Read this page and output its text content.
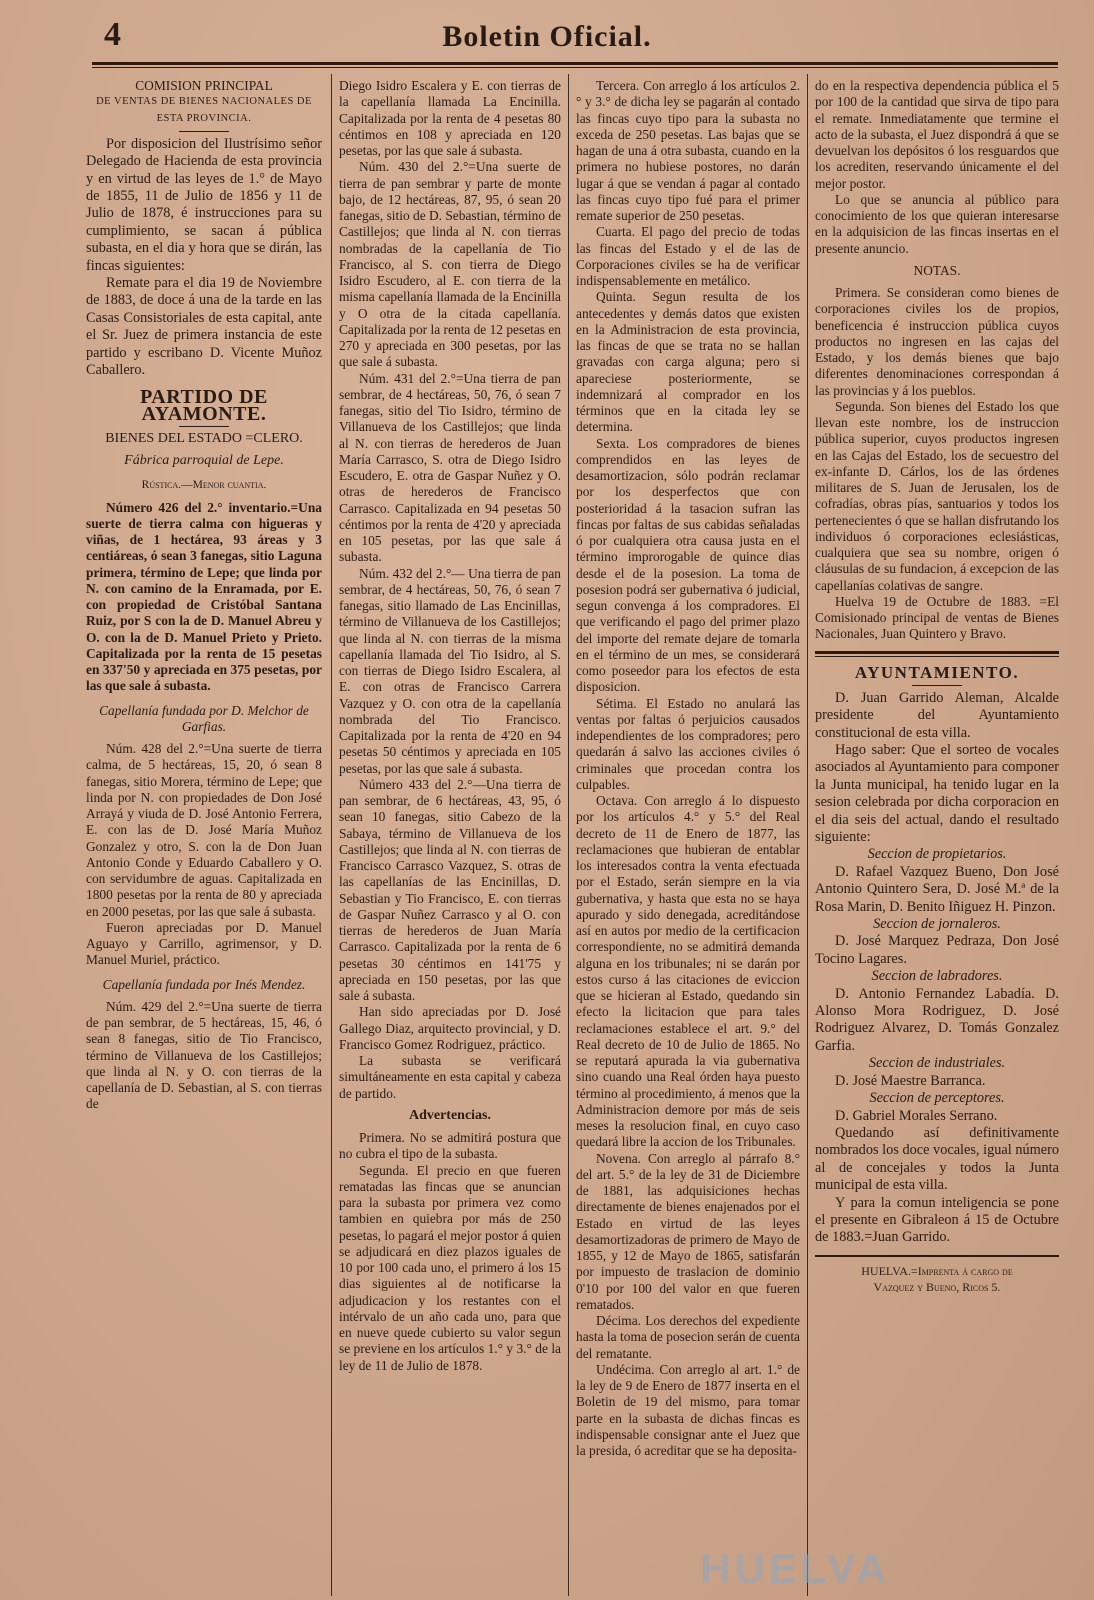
4	Boletin Oficial.

COMISION PRINCIPAL

DE VENTAS DE BIENES NACIONALES DE

ESTA PROVINCIA.

Por disposicion del Ilustrísimo señor Delegado de Hacienda de esta provincia y en virtud de las leyes de 1.° de Mayo de 1855, 11 de Julio de 1856 y 11 de Julio de 1878, é instrucciones para su cumplimiento, se sacan á pública subasta, en el dia y hora que se dirán, las fincas siguientes:

Remate para el dia 19 de Noviembre de 1883, de doce á una de la tarde en las Casas Consistoriales de esta capital, ante el Sr. Juez de primera instancia de este partido y escribano D. Vicente Muñoz Caballero.

PARTIDO DE AYAMONTE.

BIENES DEL ESTADO =CLERO.

Fábrica parroquial de Lepe.

Rústica.—Menor cuantia.

Número 426 del 2.° inventario.=Una suerte de tierra calma con higueras y viñas, de 1 hectárea, 93 áreas y 3 centiáreas, ó sean 3 fanegas, sitio Laguna primera, término de Lepe; que linda por N. con camino de la Enramada, por E. con propiedad de Cristóbal Santana Ruiz, por S con la de D. Manuel Abreu y O. con la de D. Manuel Prieto y Prieto. Capitalizada por la renta de 15 pesetas en 337'50 y apreciada en 375 pesetas, por las que sale á subasta.

Capellanía fundada por D. Melchor de Garfias.

Núm. 428 del 2.°=Una suerte de tierra calma, de 5 hectáreas, 15, 20, ó sean 8 fanegas, sitio Morera, término de Lepe; que linda por N. con propiedades de Don José Arrayá y viuda de D. José Antonio Ferrera, E. con las de D. José María Muñoz Gonzalez y otro, S. con la de Don Juan Antonio Conde y Eduardo Caballero y O. con servidumbre de aguas. Capitalizada en 1800 pesetas por la renta de 80 y apreciada en 2000 pesetas, por las que sale á subasta.

Fueron apreciadas por D. Manuel Aguayo y Carrillo, agrimensor, y D. Manuel Muriel, práctico.

Capellanía fundada por Inés Mendez.

Núm. 429 del 2.°=Una suerte de tierra de pan sembrar, de 5 hectáreas, 15, 46, ó sean 8 fanegas, sitio de Tio Francisco, término de Villanueva de los Castillejos; que linda al N. y O. con tierras de la capellanía de D. Sebastian, al S. con tierras de

Diego Isidro Escalera y E. con tierras de la capellanía llamada La Encinilla. Capitalizada por la renta de 4 pesetas 80 céntimos en 108 y apreciada en 120 pesetas, por las que sale á subasta.

Núm. 430 del 2.°=Una suerte de tierra de pan sembrar y parte de monte bajo, de 12 hectáreas, 87, 95, ó sean 20 fanegas, sitio de D. Sebastian, término de Castillejos; que linda al N. con tierras nombradas de la capellanía de Tio Francisco, al S. con tierra de Diego Isidro Escudero, al E. con tierra de la misma capellanía llamada de la Encinilla y O otra de la citada capellanía. Capitalizada por la renta de 12 pesetas en 270 y apreciada en 300 pesetas, por las que sale á subasta.

Núm. 431 del 2.°=Una tierra de pan sembrar, de 4 hectáreas, 50, 76, ó sean 7 fanegas, sitio del Tio Isidro, término de Villanueva de los Castillejos; que linda al N. con tierras de herederos de Juan María Carrasco, S. otra de Diego Isidro Escudero, E. otra de Gaspar Nuñez y O. otras de herederos de Francisco Carrasco. Capitalizada en 94 pesetas 50 céntimos por la renta de 4'20 y apreciada en 105 pesetas, por las que sale á subasta.

Núm. 432 del 2.°— Una tierra de pan sembrar, de 4 hectáreas, 50, 76, ó sean 7 fanegas, sitio llamado de Las Encinillas, término de Villanueva de los Castillejos; que linda al N. con tierras de la misma capellanía llamada del Tio Isidro, al S. con tierras de Diego Isidro Escalera, al E. con otras de Francisco Carrera Vazquez y O. con otra de la capellanía nombrada del Tio Francisco. Capitalizada por la renta de 4'20 en 94 pesetas 50 céntimos y apreciada en 105 pesetas, por las que sale á subasta.

Número 433 del 2.°—Una tierra de pan sembrar, de 6 hectáreas, 43, 95, ó sean 10 fanegas, sitio Cabezo de la Sabaya, término de Villanueva de los Castillejos; que linda al N. con tierras de Francisco Carrasco Vazquez, S. otras de las capellanías de las Encinillas, D. Sebastian y Tio Francisco, E. con tierras de Gaspar Nuñez Carrasco y al O. con tierras de herederos de Juan María Carrasco. Capitalizada por la renta de 6 pesetas 30 céntimos en 141'75 y apreciada en 150 pesetas, por las que sale á subasta.

Han sido apreciadas por D. José Gallego Diaz, arquitecto provincial, y D. Francisco Gomez Rodriguez, práctico.

La subasta se verificará simultáneamente en esta capital y cabeza de partido.

Advertencias.

Primera. No se admitirá postura que no cubra el tipo de la subasta.

Segunda. El precio en que fueren rematadas las fincas que se anuncian para la subasta por primera vez como tambien en quiebra por más de 250 pesetas, lo pagará el mejor postor á quien se adjudicará en diez plazos iguales de 10 por 100 cada uno, el primero á los 15 dias siguientes al de notificarse la adjudicacion y los restantes con el intérvalo de un año cada uno, para que en nueve quede cubierto su valor segun se previene en los artículos 1.° y 3.° de la ley de 11 de Julio de 1878.

Tercera. Con arreglo á los artículos 2.° y 3.° de dicha ley se pagarán al contado las fincas cuyo tipo para la subasta no exceda de 250 pesetas. Las bajas que se hagan de una á otra subasta, cuando en la primera no hubiese postores, no darán lugar á que se vendan á pagar al contado las fincas cuyo tipo fué para el primer remate superior de 250 pesetas.

Cuarta. El pago del precio de todas las fincas del Estado y el de las de Corporaciones civiles se ha de verificar indispensablemente en metálico.

Quinta. Segun resulta de los antecedentes y demás datos que existen en la Administracion de esta provincia, las fincas de que se trata no se hallan gravadas con carga alguna; pero si apareciese posteriormente, se indemnizará al comprador en los términos que en la citada ley se determina.

Sexta. Los compradores de bienes comprendidos en las leyes de desamortizacion, sólo podrán reclamar por los desperfectos que con posterioridad á la tasacion sufran las fincas por faltas de sus cabidas señaladas ó por cualquiera otra causa justa en el término improrogable de quince dias desde el de la posesion. La toma de posesion podrá ser gubernativa ó judicial, segun convenga á los compradores. El que verificando el pago del primer plazo del importe del remate dejare de tomarla en el término de un mes, se considerará como poseedor para los efectos de esta disposicion.

Sétima. El Estado no anulará las ventas por faltas ó perjuicios causados independientes de los compradores; pero quedarán á salvo las acciones civiles ó criminales que procedan contra los culpables.

Octava. Con arreglo á lo dispuesto por los artículos 4.° y 5.° del Real decreto de 11 de Enero de 1877, las reclamaciones que hubieran de entablar los interesados contra la venta efectuada por el Estado, serán siempre en la via gubernativa, y hasta que esta no se haya apurado y sido denegada, acreditándose así en autos por medio de la certificacion correspondiente, no se admitirá demanda alguna en los tribunales; ni se darán por estos curso á las citaciones de eviccion que se hicieran al Estado, quedando sin efecto la licitacion que para tales reclamaciones establece el art. 9.° del Real decreto de 10 de Julio de 1865. No se reputará apurada la via gubernativa sino cuando una Real órden haya puesto término al procedimiento, á menos que la Administracion demore por más de seis meses la resolucion final, en cuyo caso quedará libre la accion de los Tribunales.

Novena. Con arreglo al párrafo 8.° del art. 5.° de la ley de 31 de Diciembre de 1881, las adquisiciones hechas directamente de bienes enajenados por el Estado en virtud de las leyes desamortizadoras de primero de Mayo de 1855, y 12 de Mayo de 1865, satisfarán por impuesto de traslacion de dominio 0'10 por 100 del valor en que fueren rematados.

Décima. Los derechos del expediente hasta la toma de posecion serán de cuenta del rematante.

Undécima. Con arreglo al art. 1.° de la ley de 9 de Enero de 1877 inserta en el Boletin de 19 del mismo, para tomar parte en la subasta de dichas fincas es indispensable consignar ante el Juez que la presida, ó acreditar que se ha deposita-

do en la respectiva dependencia pública el 5 por 100 de la cantidad que sirva de tipo para el remate. Inmediatamente que termine el acto de la subasta, el Juez dispondrá á que se devuelvan los depósitos ó los resguardos que los acrediten, reservando únicamente el del mejor postor.

Lo que se anuncia al público para conocimiento de los que quieran interesarse en la adquisicion de las fincas insertas en el presente anuncio.

NOTAS.

Primera. Se consideran como bienes de corporaciones civiles los de propios, beneficencia é instruccion pública cuyos productos no ingresen en las cajas del Estado, y los demás bienes que bajo diferentes denominaciones correspondan á las provincias y á los pueblos.

Segunda. Son bienes del Estado los que llevan este nombre, los de instruccion pública superior, cuyos productos ingresen en las Cajas del Estado, los de secuestro del ex-infante D. Cárlos, los de las órdenes militares de S. Juan de Jerusalen, los de cofradías, obras pías, santuarios y todos los pertenecientes ó que se hallan disfrutando los individuos ó corporaciones eclesiásticas, cualquiera que sea su nombre, origen ó cláusulas de su fundacion, á excepcion de las capellanías colativas de sangre.

Huelva 19 de Octubre de 1883. =El Comisionado principal de ventas de Bienes Nacionales, Juan Quintero y Bravo.

AYUNTAMIENTO.

D. Juan Garrido Aleman, Alcalde presidente del Ayuntamiento constitucional de esta villa.

Hago saber: Que el sorteo de vocales asociados al Ayuntamiento para componer la Junta municipal, ha tenido lugar en la sesion celebrada por dicha corporacion en el dia seis del actual, dando el resultado siguiente:

Seccion de propietarios.

D. Rafael Vazquez Bueno, Don José Antonio Quintero Sera, D. José M.ª de la Rosa Marin, D. Benito Iñiguez H. Pinzon.

Seccion de jornaleros.

D. José Marquez Pedraza, Don José Tocino Lagares.

Seccion de labradores.

D. Antonio Fernandez Labadía. D. Alonso Mora Rodriguez, D. José Rodriguez Alvarez, D. Tomás Gonzalez Garfia.

Seccion de industriales.

D. José Maestre Barranca.

Seccion de perceptores.

D. Gabriel Morales Serrano.

Quedando así definitivamente nombrados los doce vocales, igual número al de concejales y todos la Junta municipal de esta villa.

Y para la comun inteligencia se pone el presente en Gibraleon á 15 de Octubre de 1883.=Juan Garrido.

HUELVA.=Imprenta á cargo de

Vazquez y Bueno, Ricos 5.

HUELVA
